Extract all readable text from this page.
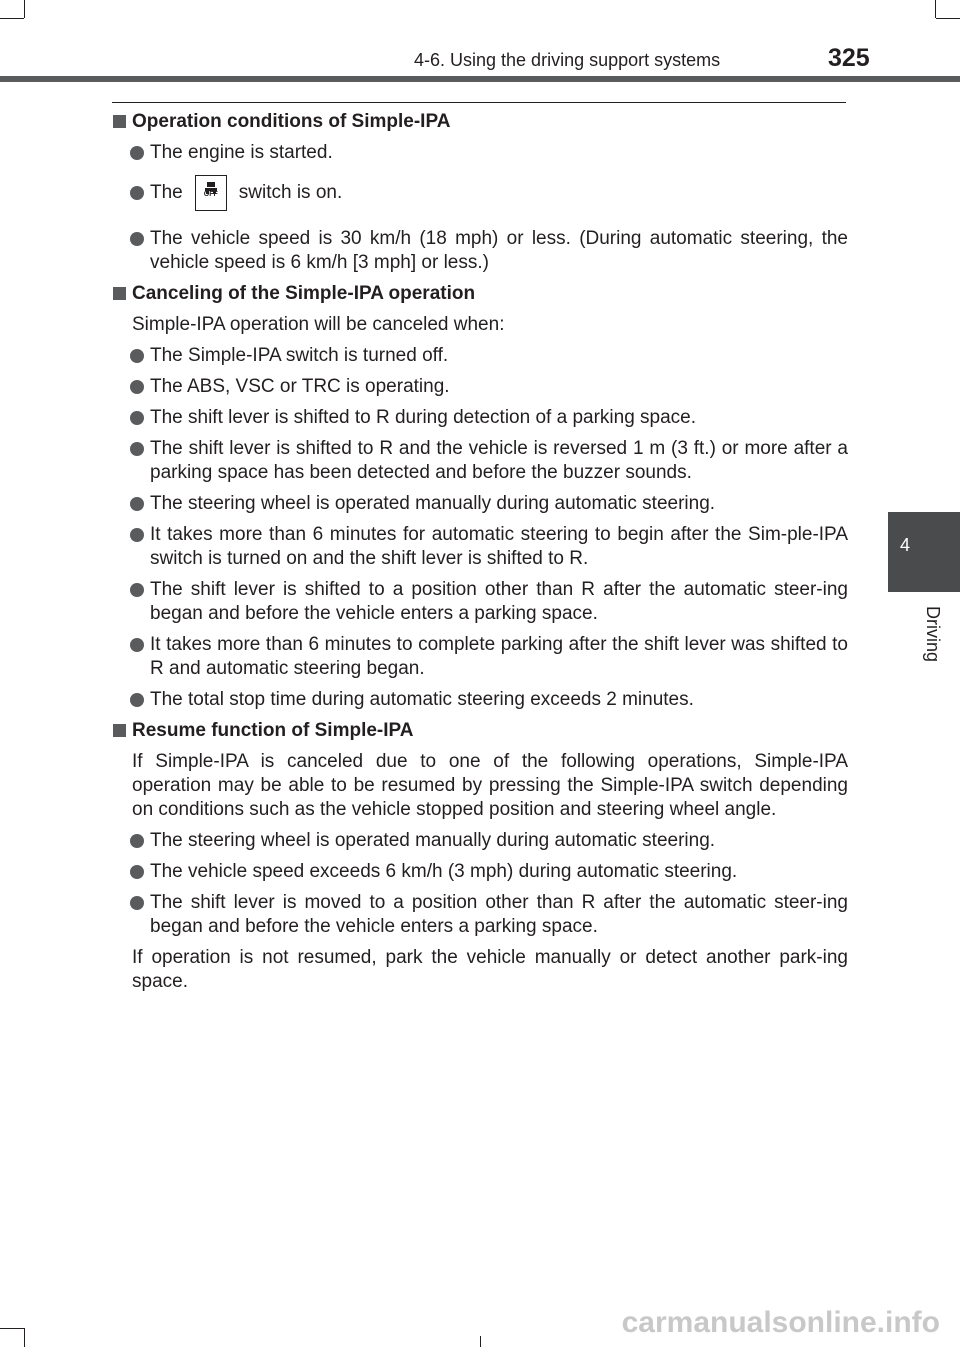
4-6. Using the driving support systems	325
4
Driving
Operation conditions of Simple-IPA
The engine is started.
The	OFF	switch is on.
The vehicle speed is 30 km/h (18 mph) or less. (During automatic steering, the vehicle speed is 6 km/h [3 mph] or less.)
Canceling of the Simple-IPA operation
Simple-IPA operation will be canceled when:
The Simple-IPA switch is turned off.
The ABS, VSC or TRC is operating.
The shift lever is shifted to R during detection of a parking space.
The shift lever is shifted to R and the vehicle is reversed 1 m (3 ft.) or more after a parking space has been detected and before the buzzer sounds.
The steering wheel is operated manually during automatic steering.
It takes more than 6 minutes for automatic steering to begin after the Sim-ple-IPA switch is turned on and the shift lever is shifted to R.
The shift lever is shifted to a position other than R after the automatic steer-ing began and before the vehicle enters a parking space.
It takes more than 6 minutes to complete parking after the shift lever was shifted to R and automatic steering began.
The total stop time during automatic steering exceeds 2 minutes.
Resume function of Simple-IPA
If Simple-IPA is canceled due to one of the following operations, Simple-IPA operation may be able to be resumed by pressing the Simple-IPA switch depending on conditions such as the vehicle stopped position and steering wheel angle.
The steering wheel is operated manually during automatic steering.
The vehicle speed exceeds 6 km/h (3 mph) during automatic steering.
The shift lever is moved to a position other than R after the automatic steer-ing began and before the vehicle enters a parking space.
If operation is not resumed, park the vehicle manually or detect another park-ing space.
carmanualsonline.info
